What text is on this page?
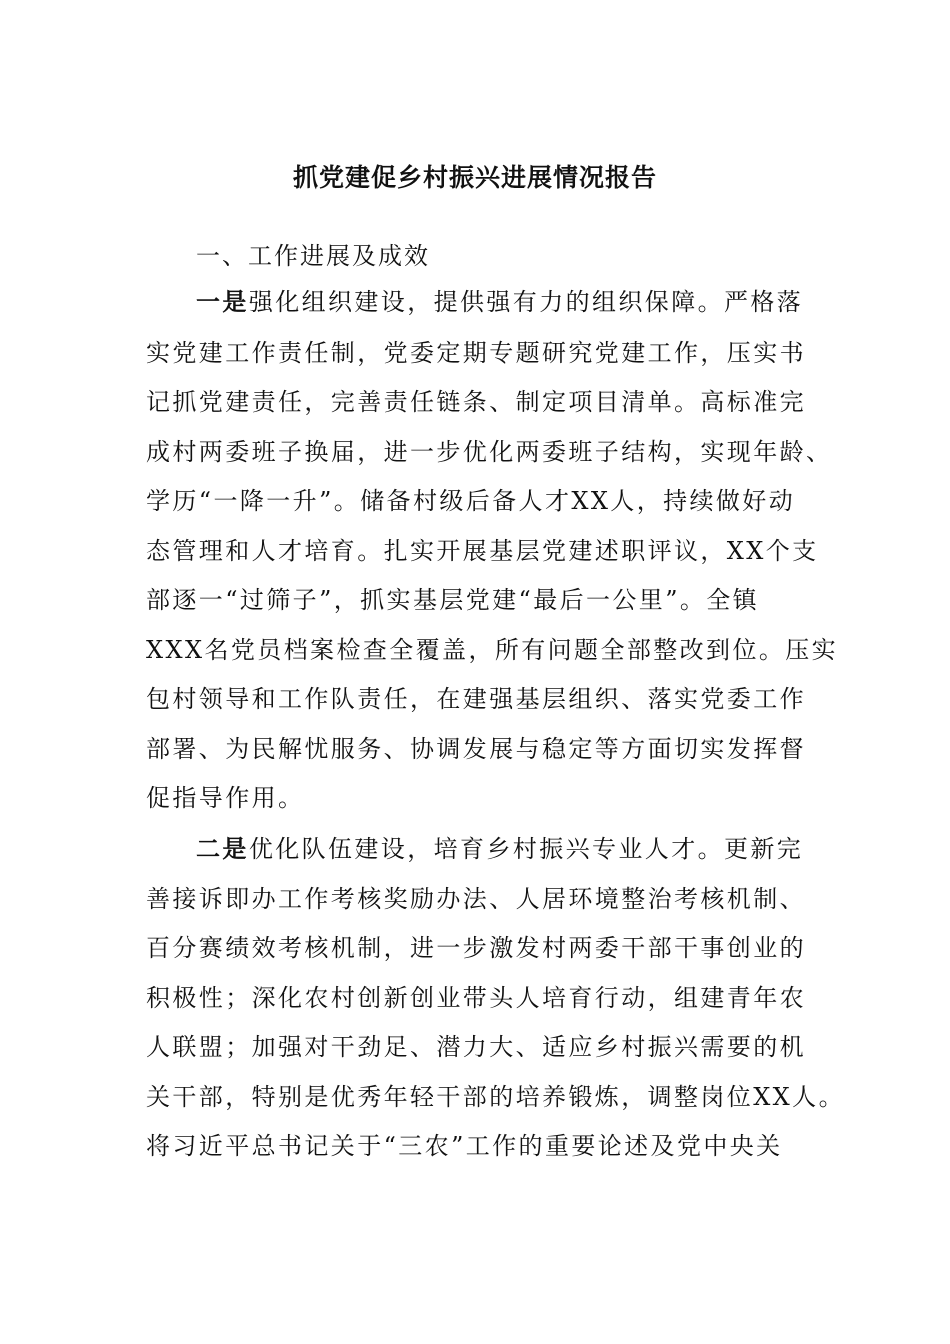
抓党建促乡村振兴进展情况报告
一、工作进展及成效
一是强化组织建设，提供强有力的组织保障。严格落
实党建工作责任制，党委定期专题研究党建工作，压实书
记抓党建责任，完善责任链条、制定项目清单。高标准完
成村两委班子换届，进一步优化两委班子结构，实现年龄、
学历“一降一升”。储备村级后备人才XX人，持续做好动
态管理和人才培育。扎实开展基层党建述职评议，XX个支
部逐一“过筛子”，抓实基层党建“最后一公里”。全镇
XXX名党员档案检查全覆盖，所有问题全部整改到位。压实
包村领导和工作队责任，在建强基层组织、落实党委工作
部署、为民解忧服务、协调发展与稳定等方面切实发挥督
促指导作用。
二是优化队伍建设，培育乡村振兴专业人才。更新完
善接诉即办工作考核奖励办法、人居环境整治考核机制、
百分赛绩效考核机制，进一步激发村两委干部干事创业的
积极性；深化农村创新创业带头人培育行动，组建青年农
人联盟；加强对干劲足、潜力大、适应乡村振兴需要的机
关干部，特别是优秀年轻干部的培养锻炼，调整岗位XX人。
将习近平总书记关于“三农”工作的重要论述及党中央关
